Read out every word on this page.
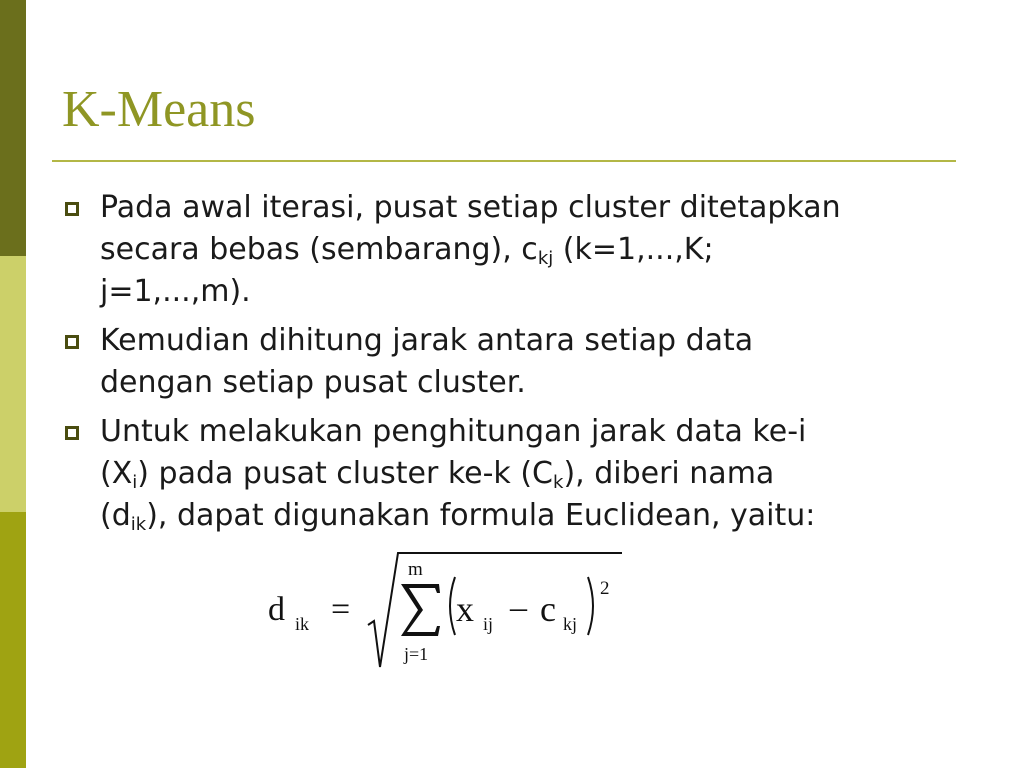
K-Means
Pada awal iterasi, pusat setiap cluster ditetapkan
secara bebas (sembarang), $c_{kj}$ (k=1,...,K;
j=1,...,m).
Kemudian dihitung jarak antara setiap data
dengan setiap pusat cluster.
Untuk melakukan penghitungan jarak data ke-i
$(X_i)$ pada pusat cluster ke-k $(C_k)$, diberi nama
$(d_{ik})$, dapat digunakan formula Euclidean, yaitu:
d ik =
m
j=1
x ij – c kj
2
